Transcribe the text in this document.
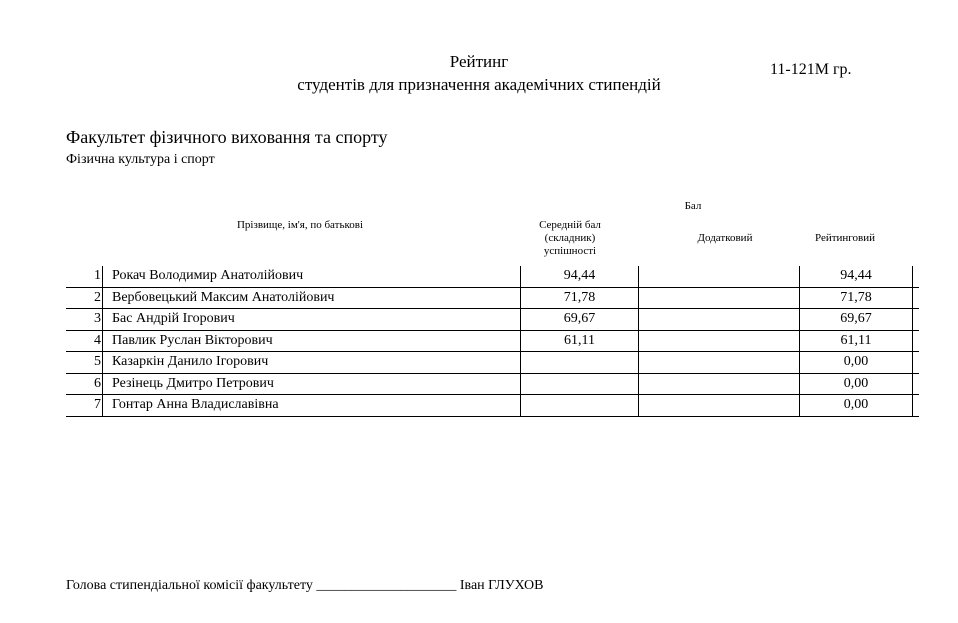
Рейтинг
студентів для призначення академічних стипендій
11-121М гр.
Факультет фізичного виховання та спорту
Фізична культура і спорт
Бал
Прізвище, ім'я, по батькові	Середній бал (складник) успішності
Додатковий	Рейтинговий
1	Рокач Володимир Анатолійович	94,44		94,44	
2	Вербовецький Максим Анатолійович	71,78		71,78	
3	Бас Андрій Ігорович	69,67		69,67	
4	Павлик Руслан Вікторович	61,11		61,11	
5	Казаркін Данило Ігорович			0,00	
6	Резінець Дмитро Петрович			0,00	
7	Гонтар Анна Владиславівна			0,00	
Голова стипендіальної комісії факультету ____________________ Іван ГЛУХОВ
